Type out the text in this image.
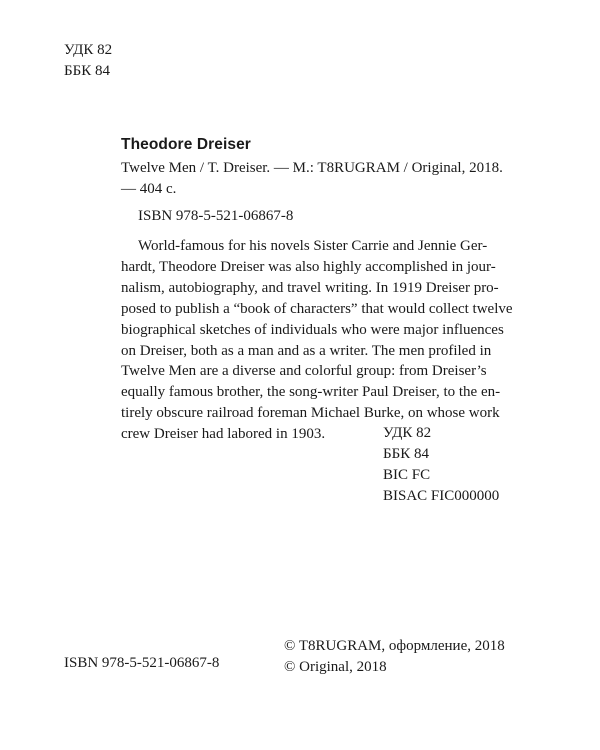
УДК 82
ББК 84
Theodore Dreiser
Twelve Men / T. Dreiser. — M.: T8RUGRAM / Original, 2018.
— 404 с.
ISBN 978-5-521-06867-8
World-famous for his novels Sister Carrie and Jennie Ger-
hardt, Theodore Dreiser was also highly accomplished in jour-
nalism, autobiography, and travel writing. In 1919 Dreiser pro-
posed to publish a “book of characters” that would collect twelve
biographical sketches of individuals who were major influences
on Dreiser, both as a man and as a writer. The men profiled in
Twelve Men are a diverse and colorful group: from Dreiser’s
equally famous brother, the song-writer Paul Dreiser, to the en-
tirely obscure railroad foreman Michael Burke, on whose work
crew Dreiser had labored in 1903.	УДК 82
ББК 84
BIC FC
BISAC FIC000000
ISBN 978-5-521-06867-8
© T8RUGRAM, оформление, 2018
© Original, 2018
